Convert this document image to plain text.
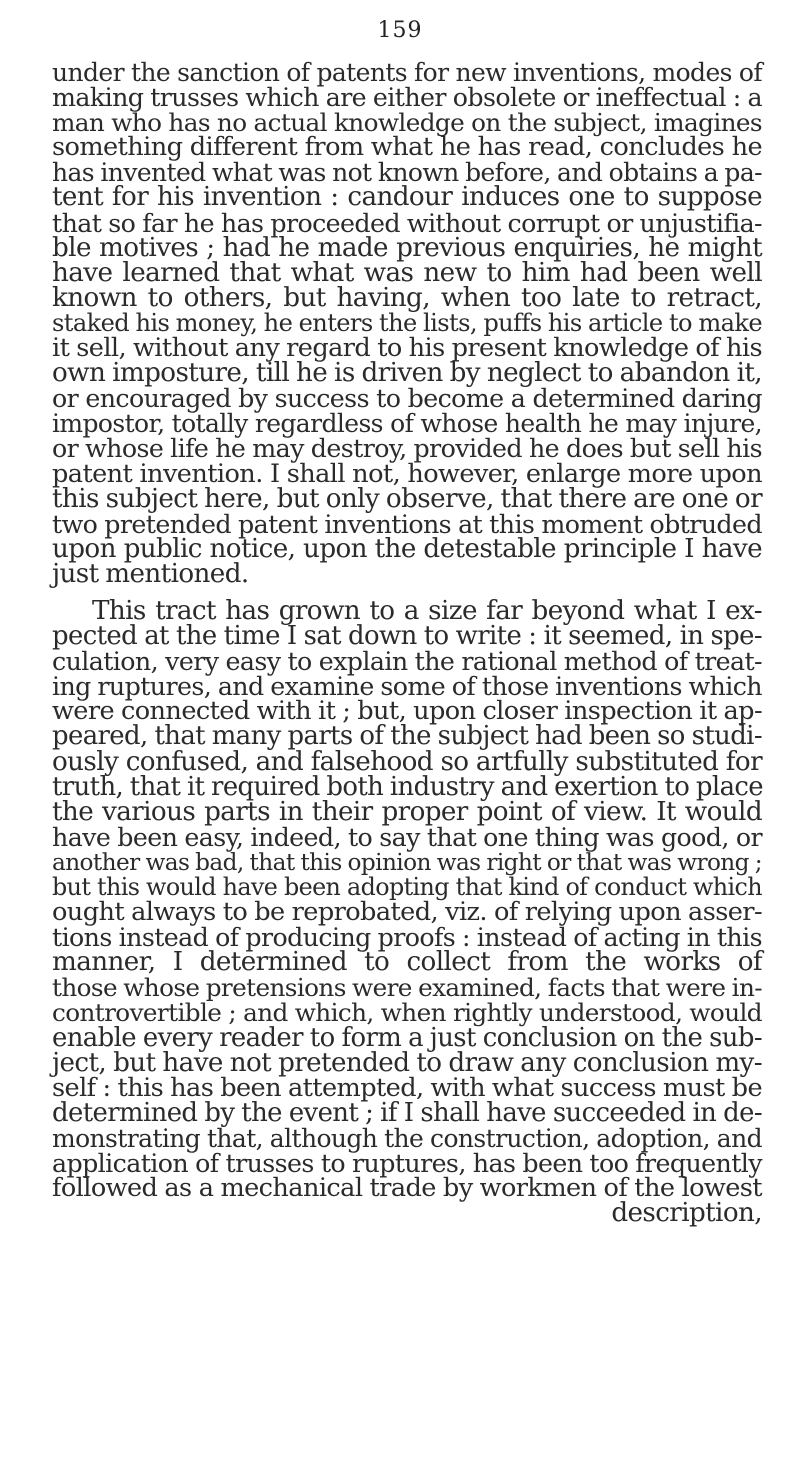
159
under the sanction of patents for new inventions, modes of
making trusses which are either obsolete or ineffectual : a
man who has no actual knowledge on the subject, imagines
something different from what he has read, concludes he
has invented what was not known before, and obtains a pa-
tent for his invention : candour induces one to suppose
that so far he has proceeded without corrupt or unjustifia-
ble motives ; had he made previous enquiries, he might
have learned that what was new to him had been well
known to others, but having, when too late to retract,
staked his money, he enters the lists, puffs his article to make
it sell, without any regard to his present knowledge of his
own imposture, till he is driven by neglect to abandon it,
or encouraged by success to become a determined daring
impostor, totally regardless of whose health he may injure,
or whose life he may destroy, provided he does but sell his
patent invention. I shall not, however, enlarge more upon
this subject here, but only observe, that there are one or
two pretended patent inventions at this moment obtruded
upon public notice, upon the detestable principle I have
just mentioned.
This tract has grown to a size far beyond what I ex-
pected at the time I sat down to write : it seemed, in spe-
culation, very easy to explain the rational method of treat-
ing ruptures, and examine some of those inventions which
were connected with it ; but, upon closer inspection it ap-
peared, that many parts of the subject had been so studi-
ously confused, and falsehood so artfully substituted for
truth, that it required both industry and exertion to place
the various parts in their proper point of view. It would
have been easy, indeed, to say that one thing was good, or
another was bad, that this opinion was right or that was wrong ;
but this would have been adopting that kind of conduct which
ought always to be reprobated, viz. of relying upon asser-
tions instead of producing proofs : instead of acting in this
manner, I determined to collect from the works of
those whose pretensions were examined, facts that were in-
controvertible ; and which, when rightly understood, would
enable every reader to form a just conclusion on the sub-
ject, but have not pretended to draw any conclusion my-
self : this has been attempted, with what success must be
determined by the event ; if I shall have succeeded in de-
monstrating that, although the construction, adoption, and
application of trusses to ruptures, has been too frequently
followed as a mechanical trade by workmen of the lowest
description,
